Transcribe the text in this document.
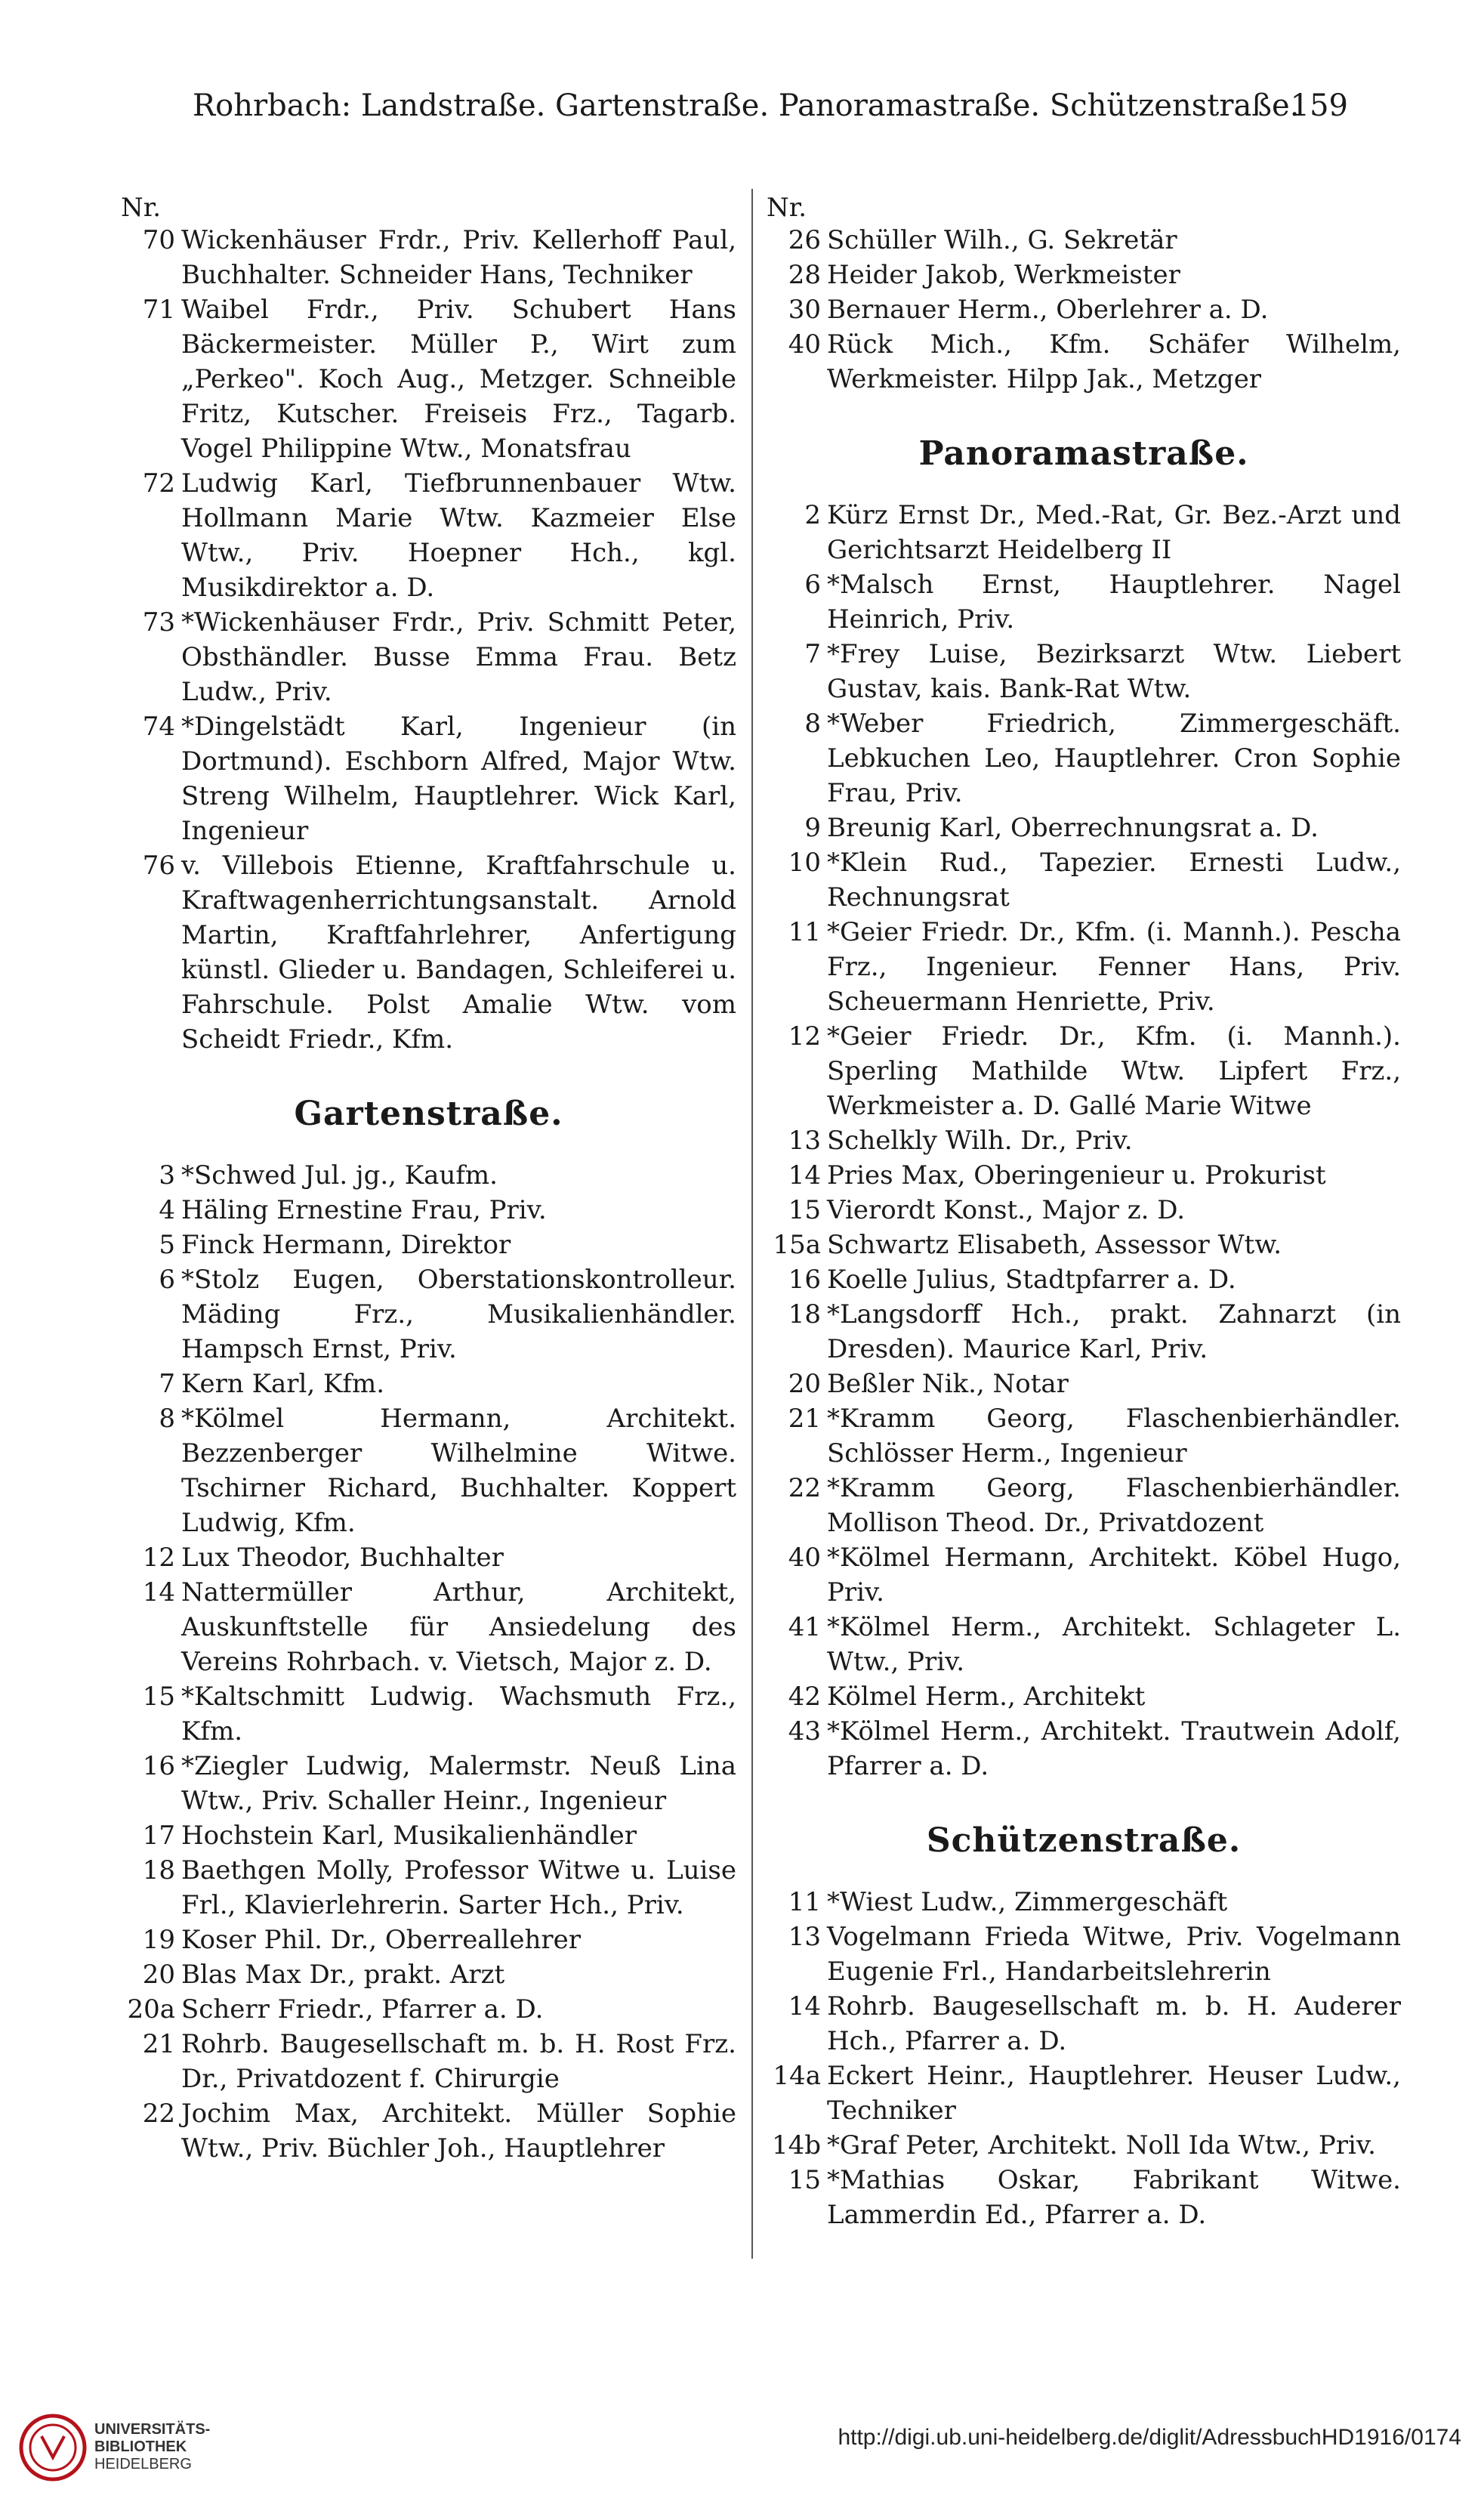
Rohrbach: Landstraße. Gartenstraße. Panoramastraße. Schützenstraße.
159
Nr.
70 Wickenhäuser Frdr., Priv. Kellerhoff Paul, Buchhalter. Schneider Hans, Techniker
71 Waibel Frdr., Priv. Schubert Hans Bäckermeister. Müller P., Wirt zum „Perkeo". Koch Aug., Metzger. Schneible Fritz, Kutscher. Freiseis Frz., Tagarb. Vogel Philippine Wtw., Monatsfrau
72 Ludwig Karl, Tiefbrunnenbauer Wtw. Hollmann Marie Wtw. Kazmeier Else Wtw., Priv. Hoepner Hch., kgl. Musikdirektor a. D.
73 *Wickenhäuser Frdr., Priv. Schmitt Peter, Obsthändler. Busse Emma Frau. Betz Ludw., Priv.
74 *Dingelstädt Karl, Ingenieur (in Dortmund). Eschborn Alfred, Major Wtw. Streng Wilhelm, Hauptlehrer. Wick Karl, Ingenieur
76 v. Villebois Etienne, Kraftfahrschule u. Kraftwagenherrichtungsanstalt. Arnold Martin, Kraftfahrlehrer, Anfertigung künstl. Glieder u. Bandagen, Schleiferei u. Fahrschule. Polst Amalie Wtw. vom Scheidt Friedr., Kfm.
Gartenstraße.
3 *Schwed Jul. jg., Kaufm.
4 Häling Ernestine Frau, Priv.
5 Finck Hermann, Direktor
6 *Stolz Eugen, Oberstationskontrolleur. Mäding Frz., Musikalienhändler. Hampsch Ernst, Priv.
7 Kern Karl, Kfm.
8 *Kölmel Hermann, Architekt. Bezzenberger Wilhelmine Witwe. Tschirner Richard, Buchhalter. Koppert Ludwig, Kfm.
12 Lux Theodor, Buchhalter
14 Nattermüller Arthur, Architekt, Auskunftstelle für Ansiedelung des Vereins Rohrbach. v. Vietsch, Major z. D.
15 *Kaltschmitt Ludwig. Wachsmuth Frz., Kfm.
16 *Ziegler Ludwig, Malermstr. Neuß Lina Wtw., Priv. Schaller Heinr., Ingenieur
17 Hochstein Karl, Musikalienhändler
18 Baethgen Molly, Professor Witwe u. Luise Frl., Klavierlehrerin. Sarter Hch., Priv.
19 Koser Phil. Dr., Oberreallehrer
20 Blas Max Dr., prakt. Arzt
20a Scherr Friedr., Pfarrer a. D.
21 Rohrb. Baugesellschaft m. b. H. Rost Frz. Dr., Privatdozent f. Chirurgie
22 Jochim Max, Architekt. Müller Sophie Wtw., Priv. Büchler Joh., Hauptlehrer
Nr.
26 Schüller Wilh., G. Sekretär
28 Heider Jakob, Werkmeister
30 Bernauer Herm., Oberlehrer a. D.
40 Rück Mich., Kfm. Schäfer Wilhelm, Werkmeister. Hilpp Jak., Metzger
Panoramastraße.
2 Kürz Ernst Dr., Med.-Rat, Gr. Bez.-Arzt und Gerichtsarzt Heidelberg II
6 *Malsch Ernst, Hauptlehrer. Nagel Heinrich, Priv.
7 *Frey Luise, Bezirksarzt Wtw. Liebert Gustav, kais. Bank-Rat Wtw.
8 *Weber Friedrich, Zimmergeschäft. Lebkuchen Leo, Hauptlehrer. Cron Sophie Frau, Priv.
9 Breunig Karl, Oberrechnungsrat a. D.
10 *Klein Rud., Tapezier. Ernesti Ludw., Rechnungsrat
11 *Geier Friedr. Dr., Kfm. (i. Mannh.). Pescha Frz., Ingenieur. Fenner Hans, Priv. Scheuermann Henriette, Priv.
12 *Geier Friedr. Dr., Kfm. (i. Mannh.). Sperling Mathilde Wtw. Lipfert Frz., Werkmeister a. D. Gallé Marie Witwe
13 Schelkly Wilh. Dr., Priv.
14 Pries Max, Oberingenieur u. Prokurist
15 Vierordt Konst., Major z. D.
15a Schwartz Elisabeth, Assessor Wtw.
16 Koelle Julius, Stadtpfarrer a. D.
18 *Langsdorff Hch., prakt. Zahnarzt (in Dresden). Maurice Karl, Priv.
20 Beßler Nik., Notar
21 *Kramm Georg, Flaschenbierhändler. Schlösser Herm., Ingenieur
22 *Kramm Georg, Flaschenbierhändler. Mollison Theod. Dr., Privatdozent
40 *Kölmel Hermann, Architekt. Köbel Hugo, Priv.
41 *Kölmel Herm., Architekt. Schlageter L. Wtw., Priv.
42 Kölmel Herm., Architekt
43 *Kölmel Herm., Architekt. Trautwein Adolf, Pfarrer a. D.
Schützenstraße.
11 *Wiest Ludw., Zimmergeschäft
13 Vogelmann Frieda Witwe, Priv. Vogelmann Eugenie Frl., Handarbeitslehrerin
14 Rohrb. Baugesellschaft m. b. H. Auderer Hch., Pfarrer a. D.
14a Eckert Heinr., Hauptlehrer. Heuser Ludw., Techniker
14b *Graf Peter, Architekt. Noll Ida Wtw., Priv.
15 *Mathias Oskar, Fabrikant Witwe. Lammerdin Ed., Pfarrer a. D.
UNIVERSITÄTS-
BIBLIOTHEK
HEIDELBERG
http://digi.ub.uni-heidelberg.de/diglit/AdressbuchHD1916/0174
